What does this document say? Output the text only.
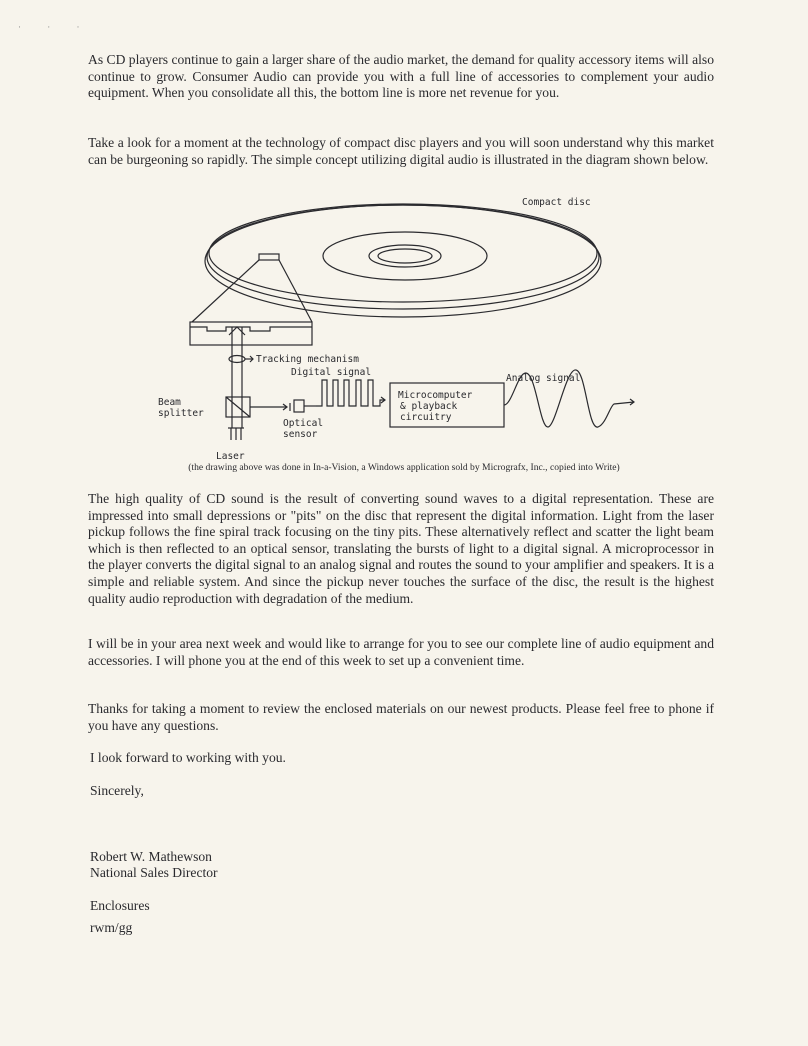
· · ·

As CD players continue to gain a larger share of the audio market, the demand for quality accessory items will also continue to grow. Consumer Audio can provide you with a full line of accessories to complement your audio equipment. When you consolidate all this, the bottom line is more net revenue for you.

Take a look for a moment at the technology of compact disc players and you will soon understand why this market can be burgeoning so rapidly. The simple concept utilizing digital audio is illustrated in the diagram shown below.

Compact disc
Tracking mechanism
Digital signal
Analog signal
Beam
splitter
Microcomputer
& playback
circuitry
Optical
sensor
Laser

(the drawing above was done in In-a-Vision, a Windows application sold by Micrografx, Inc., copied into Write)

The high quality of CD sound is the result of converting sound waves to a digital representation. These are impressed into small depressions or "pits" on the disc that represent the digital information. Light from the laser pickup follows the fine spiral track focusing on the tiny pits. These alternatively reflect and scatter the light beam which is then reflected to an optical sensor, translating the bursts of light to a digital signal. A microprocessor in the player converts the digital signal to an analog signal and routes the sound to your amplifier and speakers. It is a simple and reliable system. And since the pickup never touches the surface of the disc, the result is the highest quality audio reproduction with degradation of the medium.

I will be in your area next week and would like to arrange for you to see our complete line of audio equipment and accessories. I will phone you at the end of this week to set up a convenient time.

Thanks for taking a moment to review the enclosed materials on our newest products. Please feel free to phone if you have any questions.

I look forward to working with you.

Sincerely,

Robert W. Mathewson

National Sales Director

Enclosures

rwm/gg
